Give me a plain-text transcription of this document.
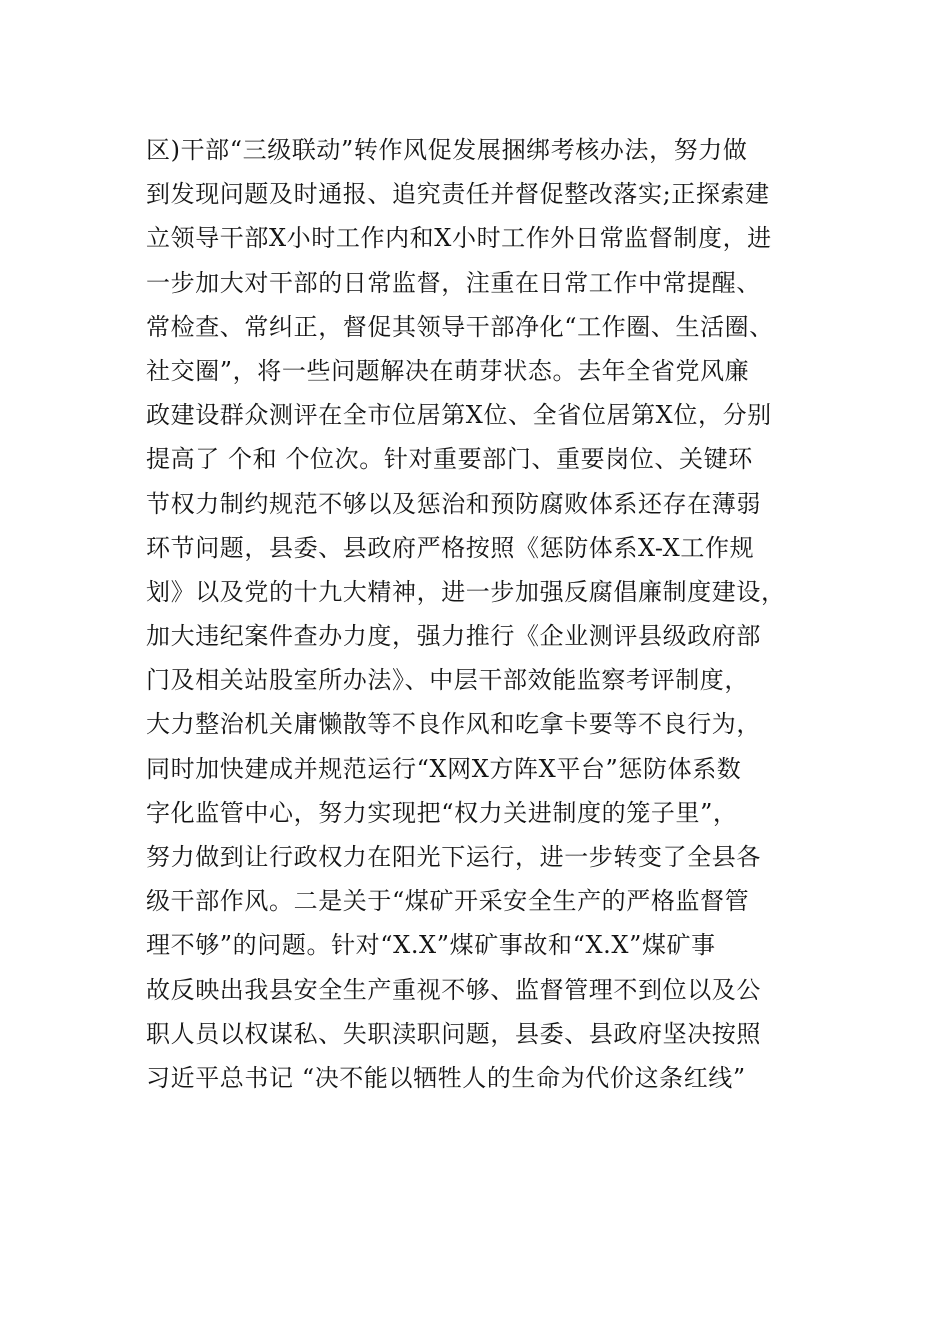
区)干部“三级联动”转作风促发展捆绑考核办法，努力做
到发现问题及时通报、追究责任并督促整改落实;正探索建
立领导干部X小时工作内和X小时工作外日常监督制度，进
一步加大对干部的日常监督，注重在日常工作中常提醒、
常检查、常纠正，督促其领导干部净化“工作圈、生活圈、
社交圈”，将一些问题解决在萌芽状态。去年全省党风廉
政建设群众测评在全市位居第X位、全省位居第X位，分别
提高了 个和 个位次。针对重要部门、重要岗位、关键环
节权力制约规范不够以及惩治和预防腐败体系还存在薄弱
环节问题，县委、县政府严格按照《惩防体系X-X工作规
划》以及党的十九大精神，进一步加强反腐倡廉制度建设，
加大违纪案件查办力度，强力推行《企业测评县级政府部
门及相关站股室所办法》、中层干部效能监察考评制度，
大力整治机关庸懒散等不良作风和吃拿卡要等不良行为，
同时加快建成并规范运行“X网X方阵X平台”惩防体系数
字化监管中心，努力实现把“权力关进制度的笼子里”，
努力做到让行政权力在阳光下运行，进一步转变了全县各
级干部作风。二是关于“煤矿开采安全生产的严格监督管
理不够”的问题。针对“X.X”煤矿事故和“X.X”煤矿事
故反映出我县安全生产重视不够、监督管理不到位以及公
职人员以权谋私、失职渎职问题，县委、县政府坚决按照
习近平总书记 “决不能以牺牲人的生命为代价这条红线”
